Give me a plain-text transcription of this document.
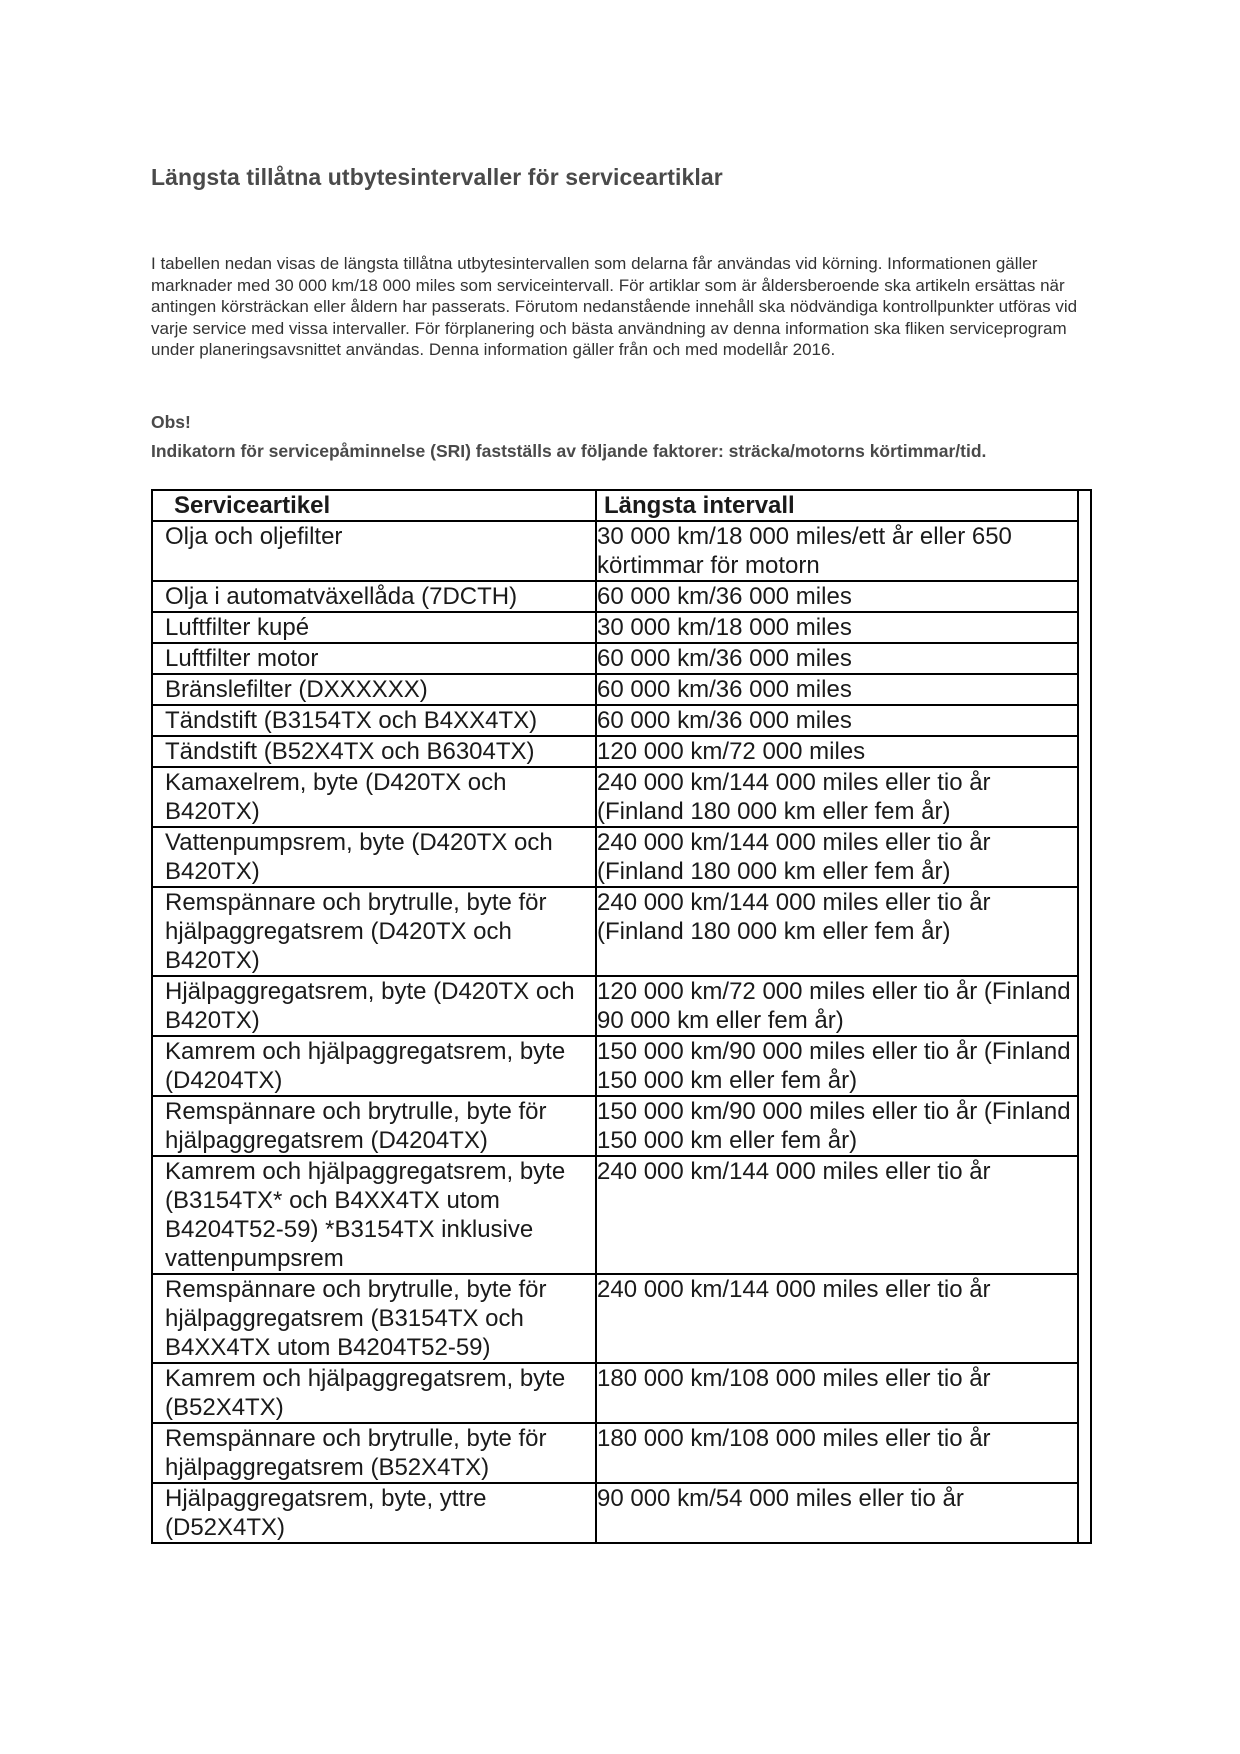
Längsta tillåtna utbytesintervaller för serviceartiklar

I tabellen nedan visas de längsta tillåtna utbytesintervallen som delarna får användas vid körning. Informationen gäller marknader med 30 000 km/18 000 miles som serviceintervall. För artiklar som är åldersberoende ska artikeln ersättas när antingen körsträckan eller åldern har passerats. Förutom nedanstående innehåll ska nödvändiga kontrollpunkter utföras vid varje service med vissa intervaller. För förplanering och bästa användning av denna information ska fliken serviceprogram under planeringsavsnittet användas. Denna information gäller från och med modellår 2016.

Obs!

Indikatorn för servicepåminnelse (SRI) fastställs av följande faktorer: sträcka/motorns körtimmar/tid.

Serviceartikel	Längsta intervall
Olja och oljefilter	30 000 km/18 000 miles/ett år eller 650 körtimmar för motorn
Olja i automatväxellåda (7DCTH)	60 000 km/36 000 miles
Luftfilter kupé	30 000 km/18 000 miles
Luftfilter motor	60 000 km/36 000 miles
Bränslefilter (DXXXXXX)	60 000 km/36 000 miles
Tändstift (B3154TX och B4XX4TX)	60 000 km/36 000 miles
Tändstift (B52X4TX och B6304TX)	120 000 km/72 000 miles
Kamaxelrem, byte (D420TX och B420TX)	240 000 km/144 000 miles eller tio år (Finland 180 000 km eller fem år)
Vattenpumpsrem, byte (D420TX och B420TX)	240 000 km/144 000 miles eller tio år (Finland 180 000 km eller fem år)
Remspännare och brytrulle, byte för hjälpaggregatsrem (D420TX och B420TX)	240 000 km/144 000 miles eller tio år (Finland 180 000 km eller fem år)
Hjälpaggregatsrem, byte (D420TX och B420TX)	120 000 km/72 000 miles eller tio år (Finland 90 000 km eller fem år)
Kamrem och hjälpaggregatsrem, byte (D4204TX)	150 000 km/90 000 miles eller tio år (Finland 150 000 km eller fem år)
Remspännare och brytrulle, byte för hjälpaggregatsrem (D4204TX)	150 000 km/90 000 miles eller tio år (Finland 150 000 km eller fem år)
Kamrem och hjälpaggregatsrem, byte (B3154TX* och B4XX4TX utom B4204T52-59) *B3154TX inklusive vattenpumpsrem	240 000 km/144 000 miles eller tio år
Remspännare och brytrulle, byte för hjälpaggregatsrem (B3154TX och B4XX4TX utom B4204T52-59)	240 000 km/144 000 miles eller tio år
Kamrem och hjälpaggregatsrem, byte (B52X4TX)	180 000 km/108 000 miles eller tio år
Remspännare och brytrulle, byte för hjälpaggregatsrem (B52X4TX)	180 000 km/108 000 miles eller tio år
Hjälpaggregatsrem, byte, yttre (D52X4TX)	90 000 km/54 000 miles eller tio år
